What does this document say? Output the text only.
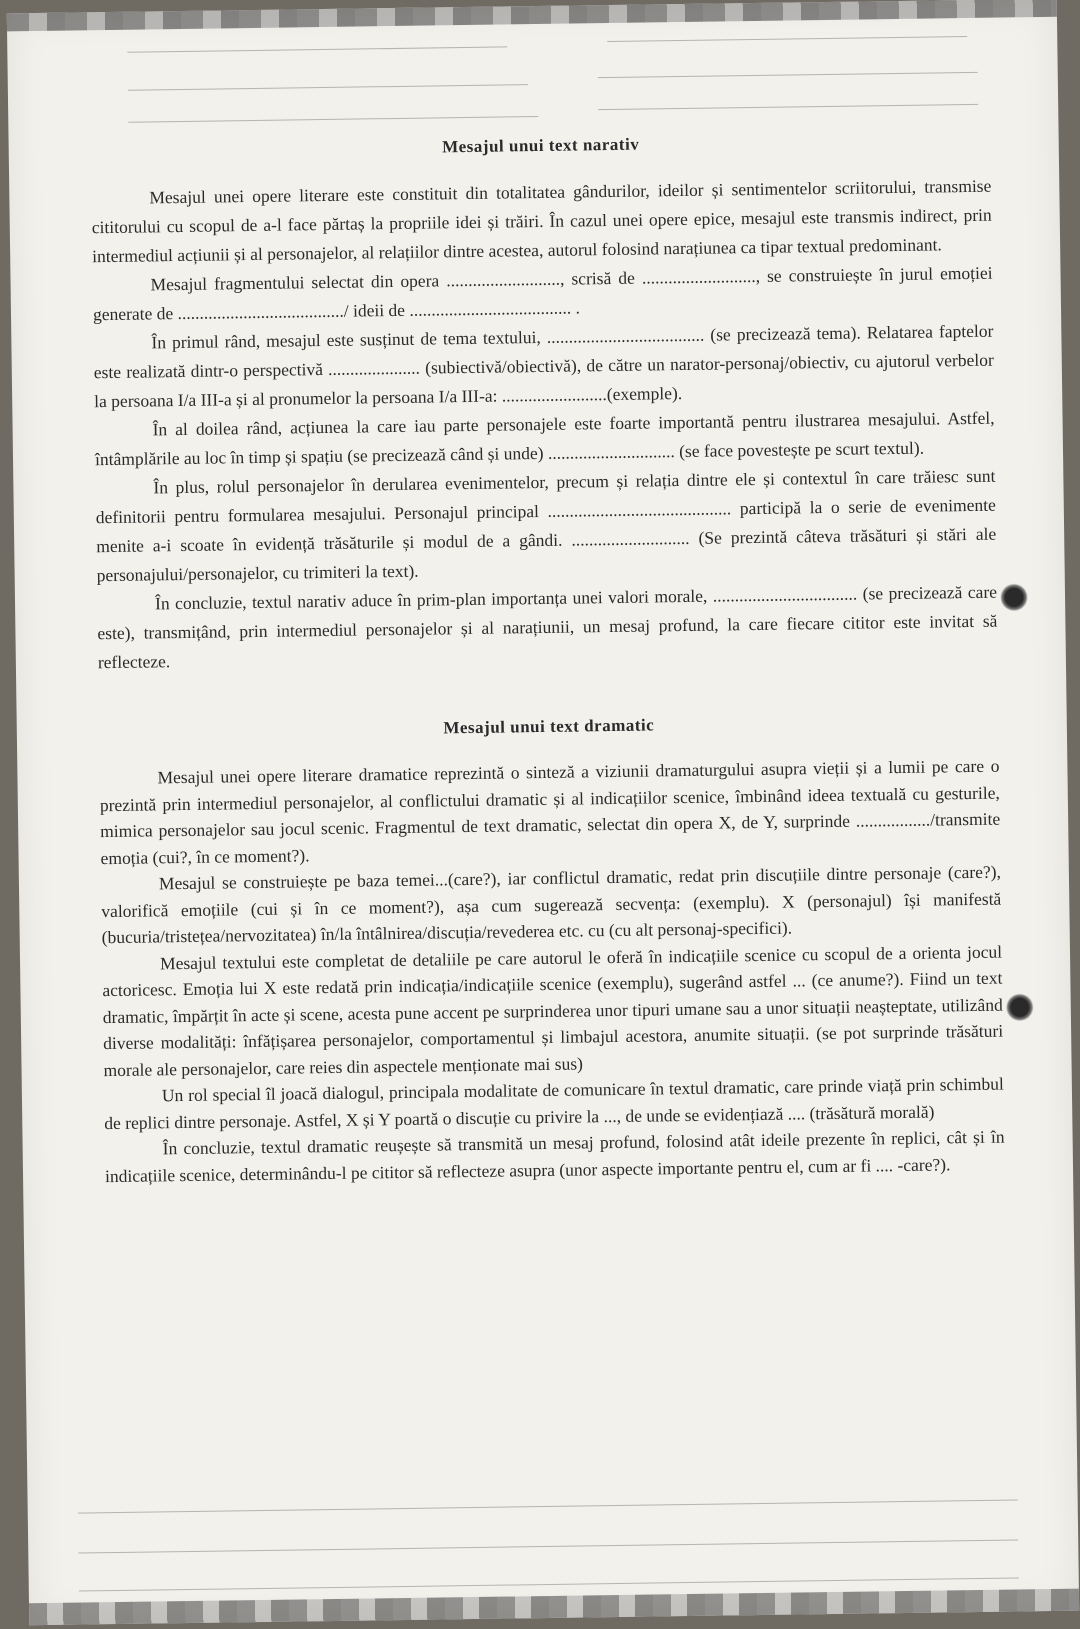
Mesajul unui text narativ

Mesajul unei opere literare este constituit din totalitatea gândurilor, ideilor și sentimentelor scriitorului, transmise cititorului cu scopul de a-l face părtaș la propriile idei și trăiri. În cazul unei opere epice, mesajul este transmis indirect, prin intermediul acțiunii și al personajelor, al relațiilor dintre acestea, autorul folosind narațiunea ca tipar textual predominant.

Mesajul fragmentului selectat din opera .........................., scrisă de .........................., se construiește în jurul emoției generate de ....................................../ ideii de ..................................... .

În primul rând, mesajul este susținut de tema textului, .................................... (se precizează tema). Relatarea faptelor este realizată dintr-o perspectivă ..................... (subiectivă/obiectivă), de către un narator-personaj/obiectiv, cu ajutorul verbelor la persoana I/a III-a și al pronumelor la persoana I/a III-a: ........................(exemple).

În al doilea rând, acțiunea la care iau parte personajele este foarte importantă pentru ilustrarea mesajului. Astfel, întâmplările au loc în timp și spațiu (se precizează când și unde) ............................. (se face povestește pe scurt textul).

În plus, rolul personajelor în derularea evenimentelor, precum și relația dintre ele și contextul în care trăiesc sunt definitorii pentru formularea mesajului. Personajul principal .......................................... participă la o serie de evenimente menite a-i scoate în evidență trăsăturile și modul de a gândi. ........................... (Se prezintă câteva trăsături și stări ale personajului/personajelor, cu trimiteri la text).

În concluzie, textul narativ aduce în prim-plan importanța unei valori morale, ................................. (se precizează care este), transmițând, prin intermediul personajelor și al narațiunii, un mesaj profund, la care fiecare cititor este invitat să reflecteze.

Mesajul unui text dramatic

Mesajul unei opere literare dramatice reprezintă o sinteză a viziunii dramaturgului asupra vieții și a lumii pe care o prezintă prin intermediul personajelor, al conflictului dramatic și al indicațiilor scenice, îmbinând ideea textuală cu gesturile, mimica personajelor sau jocul scenic. Fragmentul de text dramatic, selectat din opera X, de Y, surprinde ................./transmite emoția (cui?, în ce moment?).

Mesajul se construiește pe baza temei...(care?), iar conflictul dramatic, redat prin discuțiile dintre personaje (care?), valorifică emoțiile (cui și în ce moment?), așa cum sugerează secvența: (exemplu). X (personajul) își manifestă (bucuria/tristețea/nervozitatea) în/la întâlnirea/discuția/revederea etc. cu (cu alt personaj-specifici).

Mesajul textului este completat de detaliile pe care autorul le oferă în indicațiile scenice cu scopul de a orienta jocul actoricesc. Emoția lui X este redată prin indicația/indicațiile scenice (exemplu), sugerând astfel ... (ce anume?). Fiind un text dramatic, împărțit în acte și scene, acesta pune accent pe surprinderea unor tipuri umane sau a unor situații neașteptate, utilizând diverse modalități: înfățișarea personajelor, comportamentul și limbajul acestora, anumite situații. (se pot surprinde trăsături morale ale personajelor, care reies din aspectele menționate mai sus)

Un rol special îl joacă dialogul, principala modalitate de comunicare în textul dramatic, care prinde viață prin schimbul de replici dintre personaje. Astfel, X și Y poartă o discuție cu privire la ..., de unde se evidențiază .... (trăsătură morală)

În concluzie, textul dramatic reușește să transmită un mesaj profund, folosind atât ideile prezente în replici, cât și în indicațiile scenice, determinându-l pe cititor să reflecteze asupra (unor aspecte importante pentru el, cum ar fi .... -care?).
